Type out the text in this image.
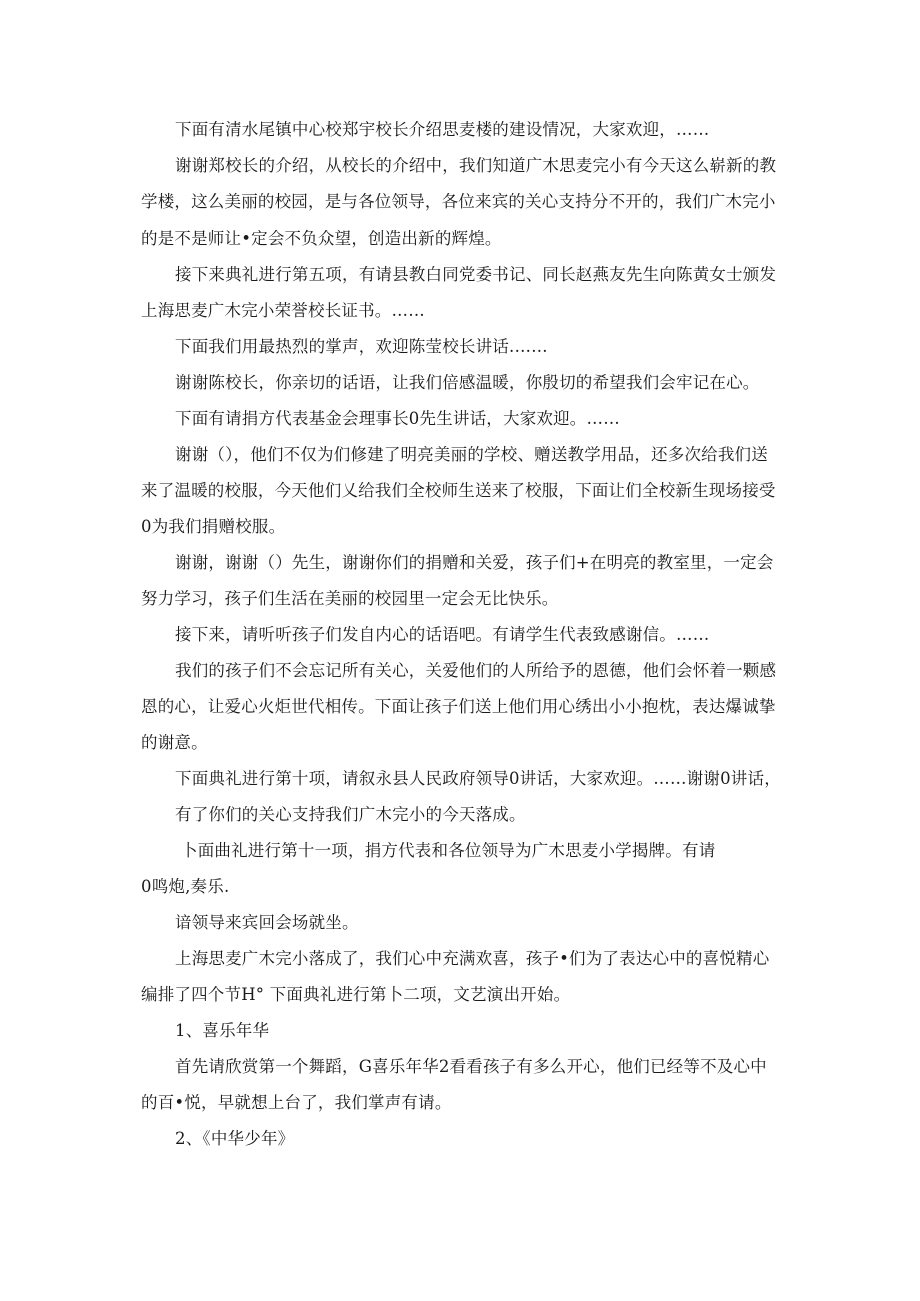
下面有清水尾镇中心校郑宇校长介绍思麦楼的建设情况，大家欢迎，……
谢谢郑校长的介绍，从校长的介绍中，我们知道广木思麦完小有今天这么崭新的教
学楼，这么美丽的校园，是与各位领导，各位来宾的关心支持分不开的，我们广木完小
的是不是师让•定会不负众望，创造出新的辉煌。
接下来典礼进行第五项，有请县教白同党委书记、同长赵燕友先生向陈黄女士颁发
上海思麦广木完小荣誉校长证书。……
下面我们用最热烈的掌声，欢迎陈莹校长讲话.……
谢谢陈校长，你亲切的话语，让我们倍感温暖，你殷切的希望我们会牢记在心。
下面有请捐方代表基金会理事长0先生讲话，大家欢迎。……
谢谢（），他们不仅为们修建了明亮美丽的学校、赠送教学用品，还多次给我们送
来了温暖的校服，今天他们乂给我们全校师生送来了校服，下面让们全校新生现场接受
0为我们捐赠校服。
谢谢，谢谢（）先生，谢谢你们的捐赠和关爱，孩子们+在明亮的教室里，一定会
努力学习，孩子们生活在美丽的校园里一定会无比快乐。
接下来，请听听孩子们发自内心的话语吧。有请学生代表致感谢信。……
我们的孩子们不会忘记所有关心，关爱他们的人所给予的恩德，他们会怀着一颗感
恩的心，让爱心火炬世代相传。下面让孩子们送上他们用心绣出小小抱枕，表达爆诚挚
的谢意。
下面典礼进行第十项，请叙永县人民政府领导0讲话，大家欢迎。……谢谢0讲话，
有了你们的关心支持我们广木完小的今天落成。
卜面曲礼进行第十一项，捐方代表和各位领导为广木思麦小学揭牌。有请
0鸣炮,奏乐.
谙领导来宾回会场就坐。
上海思麦广木完小落成了，我们心中充满欢喜，孩子•们为了表达心中的喜悦精心
编排了四个节H° 下面典礼进行第卜二项，文艺演出开始。
1、喜乐年华
首先请欣赏第一个舞蹈，G喜乐年华2看看孩子有多么开心，他们已经等不及心中
的百•悦，早就想上台了，我们掌声有请。
2、《中华少年》
